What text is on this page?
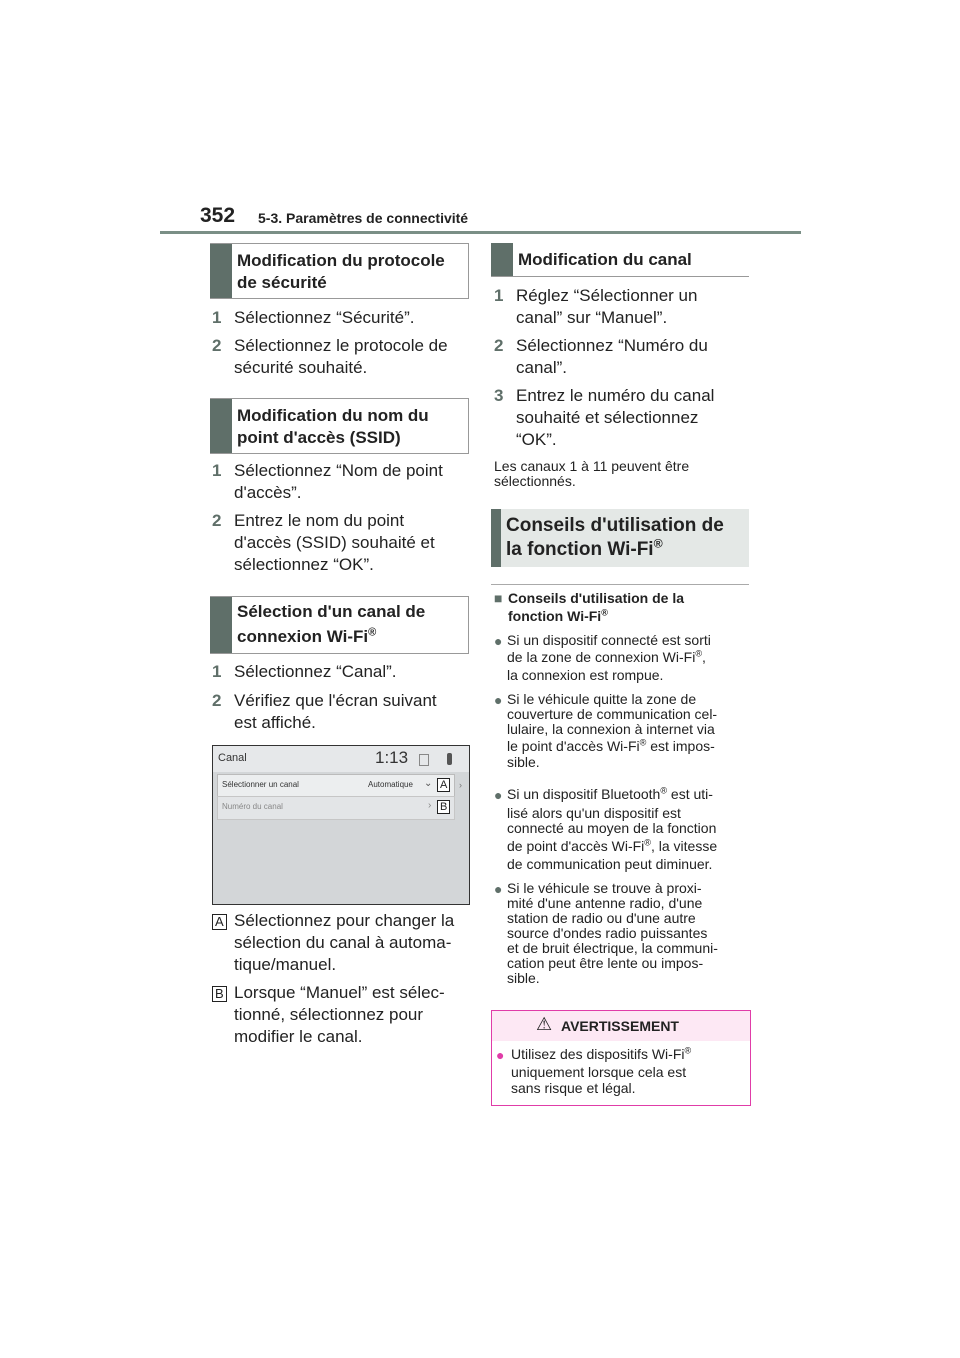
352 5-3. Paramètres de connectivité
Modification du protocole
de sécurité
1 Sélectionnez “Sécurité”.
2 Sélectionnez le protocole de
sécurité souhaité.
Modification du nom du
point d'accès (SSID)
1 Sélectionnez “Nom de point
d'accès”.
2 Entrez le nom du point
d'accès (SSID) souhaité et
sélectionnez “OK”.
Sélection d'un canal de
connexion Wi-Fi®
1 Sélectionnez “Canal”.
2 Vérifiez que l'écran suivant
est affiché.
Canal	1:13
Sélectionner un canal	Automatique ⌄ A	›
Numéro du canal	› B
A Sélectionnez pour changer la
sélection du canal à automa-
tique/manuel.
B Lorsque “Manuel” est sélec-
tionné, sélectionnez pour
modifier le canal.
Modification du canal
1 Réglez “Sélectionner un
canal” sur “Manuel”.
2 Sélectionnez “Numéro du
canal”.
3 Entrez le numéro du canal
souhaité et sélectionnez
“OK”.
Les canaux 1 à 11 peuvent être
sélectionnés.
Conseils d'utilisation de
la fonction Wi-Fi®
■ Conseils d'utilisation de la
fonction Wi-Fi®
● Si un dispositif connecté est sorti
de la zone de connexion Wi-Fi®,
la connexion est rompue.
● Si le véhicule quitte la zone de
couverture de communication cel-
lulaire, la connexion à internet via
le point d'accès Wi-Fi® est impos-
sible.
● Si un dispositif Bluetooth® est uti-
lisé alors qu'un dispositif est
connecté au moyen de la fonction
de point d'accès Wi-Fi®, la vitesse
de communication peut diminuer.
● Si le véhicule se trouve à proxi-
mité d'une antenne radio, d'une
station de radio ou d'une autre
source d'ondes radio puissantes
et de bruit électrique, la communi-
cation peut être lente ou impos-
sible.
⚠ AVERTISSEMENT
● Utilisez des dispositifs Wi-Fi®
uniquement lorsque cela est
sans risque et légal.
